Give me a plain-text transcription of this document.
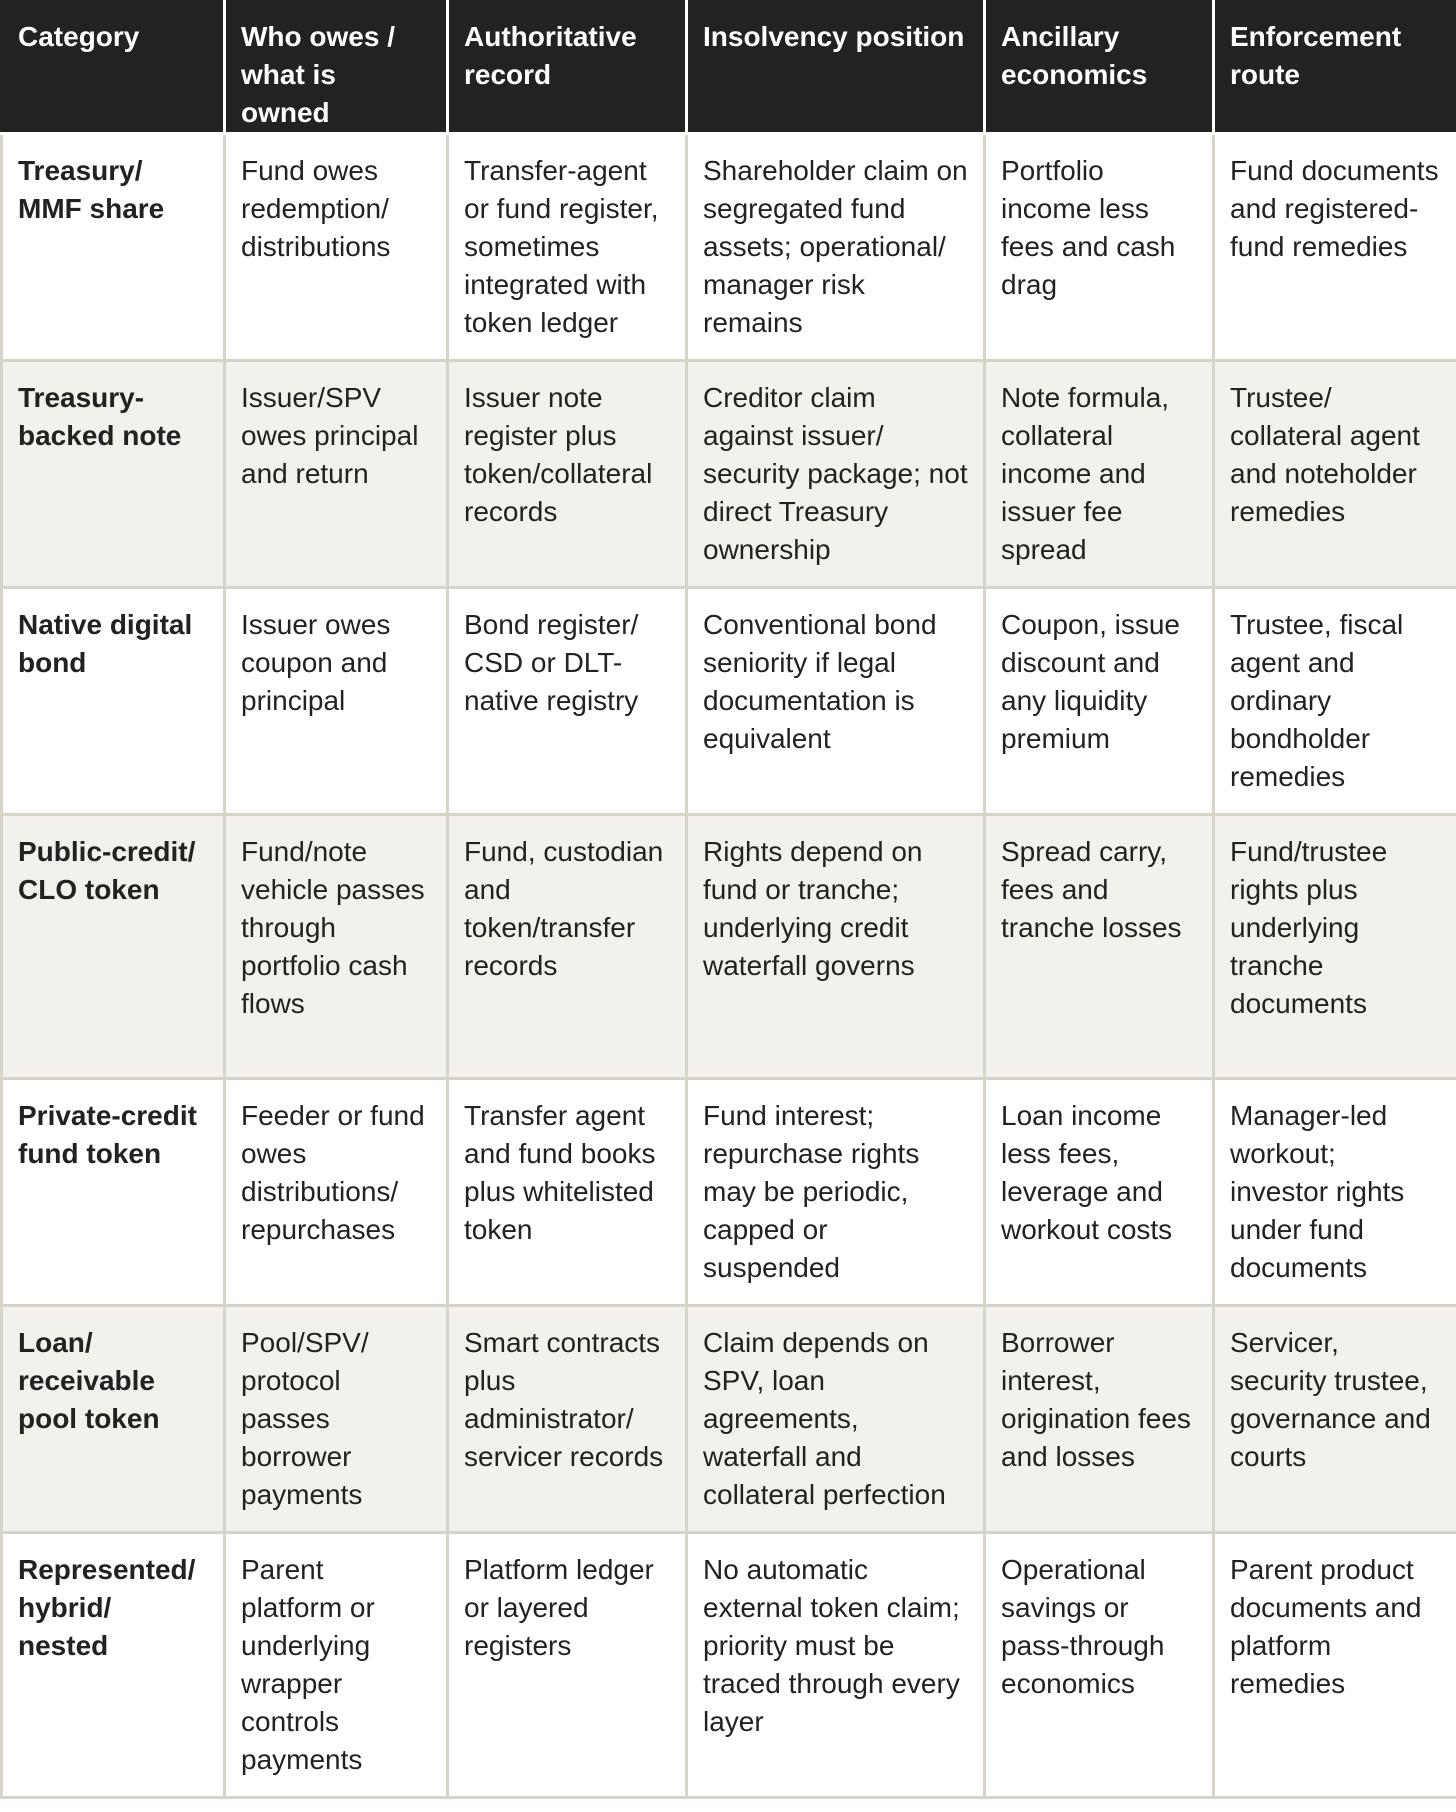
Category	Who owes / what is owned	Authoritative record	Insolvency position	Ancillary economics	Enforcement route
Treasury/ MMF share	Fund owes redemption/ distributions	Transfer-agent or fund register, sometimes integrated with token ledger	Shareholder claim on segregated fund assets; operational/ manager risk remains	Portfolio income less fees and cash drag	Fund documents and registered-fund remedies
Treasury-backed note	Issuer/SPV owes principal and return	Issuer note register plus token/collateral records	Creditor claim against issuer/ security package; not direct Treasury ownership	Note formula, collateral income and issuer fee spread	Trustee/ collateral agent and noteholder remedies
Native digital bond	Issuer owes coupon and principal	Bond register/ CSD or DLT-native registry	Conventional bond seniority if legal documentation is equivalent	Coupon, issue discount and any liquidity premium	Trustee, fiscal agent and ordinary bondholder remedies
Public-credit/ CLO token	Fund/note vehicle passes through portfolio cash flows	Fund, custodian and token/transfer records	Rights depend on fund or tranche; underlying credit waterfall governs	Spread carry, fees and tranche losses	Fund/trustee rights plus underlying tranche documents
Private-credit fund token	Feeder or fund owes distributions/ repurchases	Transfer agent and fund books plus whitelisted token	Fund interest; repurchase rights may be periodic, capped or suspended	Loan income less fees, leverage and workout costs	Manager-led workout; investor rights under fund documents
Loan/ receivable pool token	Pool/SPV/ protocol passes borrower payments	Smart contracts plus administrator/ servicer records	Claim depends on SPV, loan agreements, waterfall and collateral perfection	Borrower interest, origination fees and losses	Servicer, security trustee, governance and courts
Represented/ hybrid/ nested	Parent platform or underlying wrapper controls payments	Platform ledger or layered registers	No automatic external token claim; priority must be traced through every layer	Operational savings or pass-through economics	Parent product documents and platform remedies
